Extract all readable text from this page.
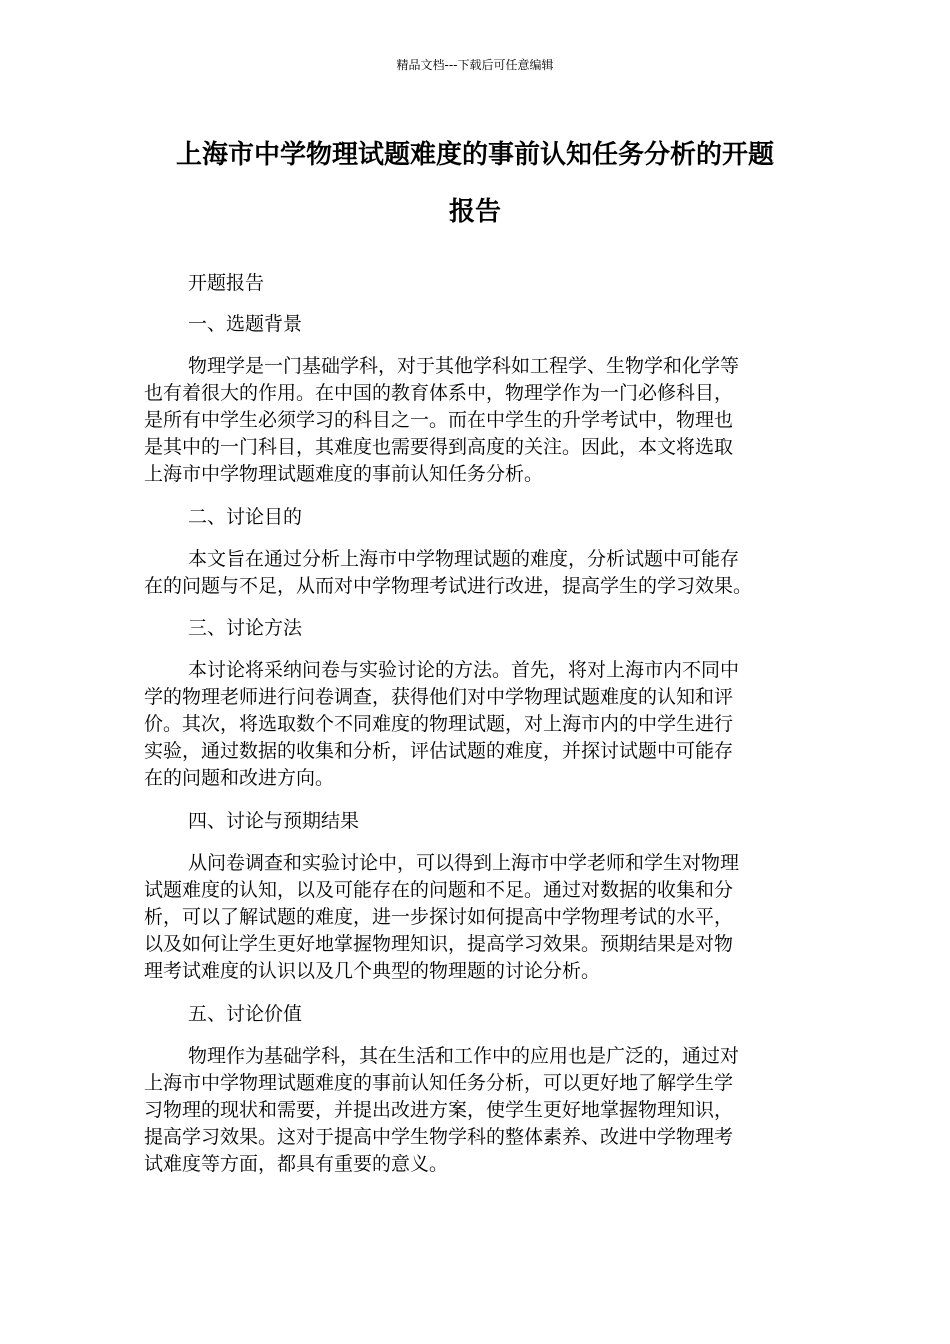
精品文档---下载后可任意编辑
上海市中学物理试题难度的事前认知任务分析的开题
报告
开题报告
一、选题背景
物理学是一门基础学科，对于其他学科如工程学、生物学和化学等
也有着很大的作用。在中国的教育体系中，物理学作为一门必修科目，
是所有中学生必须学习的科目之一。而在中学生的升学考试中，物理也
是其中的一门科目，其难度也需要得到高度的关注。因此，本文将选取
上海市中学物理试题难度的事前认知任务分析。
二、讨论目的
本文旨在通过分析上海市中学物理试题的难度，分析试题中可能存
在的问题与不足，从而对中学物理考试进行改进，提高学生的学习效果。
三、讨论方法
本讨论将采纳问卷与实验讨论的方法。首先，将对上海市内不同中
学的物理老师进行问卷调查，获得他们对中学物理试题难度的认知和评
价。其次，将选取数个不同难度的物理试题，对上海市内的中学生进行
实验，通过数据的收集和分析，评估试题的难度，并探讨试题中可能存
在的问题和改进方向。
四、讨论与预期结果
从问卷调查和实验讨论中，可以得到上海市中学老师和学生对物理
试题难度的认知，以及可能存在的问题和不足。通过对数据的收集和分
析，可以了解试题的难度，进一步探讨如何提高中学物理考试的水平，
以及如何让学生更好地掌握物理知识，提高学习效果。预期结果是对物
理考试难度的认识以及几个典型的物理题的讨论分析。
五、讨论价值
物理作为基础学科，其在生活和工作中的应用也是广泛的，通过对
上海市中学物理试题难度的事前认知任务分析，可以更好地了解学生学
习物理的现状和需要，并提出改进方案，使学生更好地掌握物理知识，
提高学习效果。这对于提高中学生物学科的整体素养、改进中学物理考
试难度等方面，都具有重要的意义。
